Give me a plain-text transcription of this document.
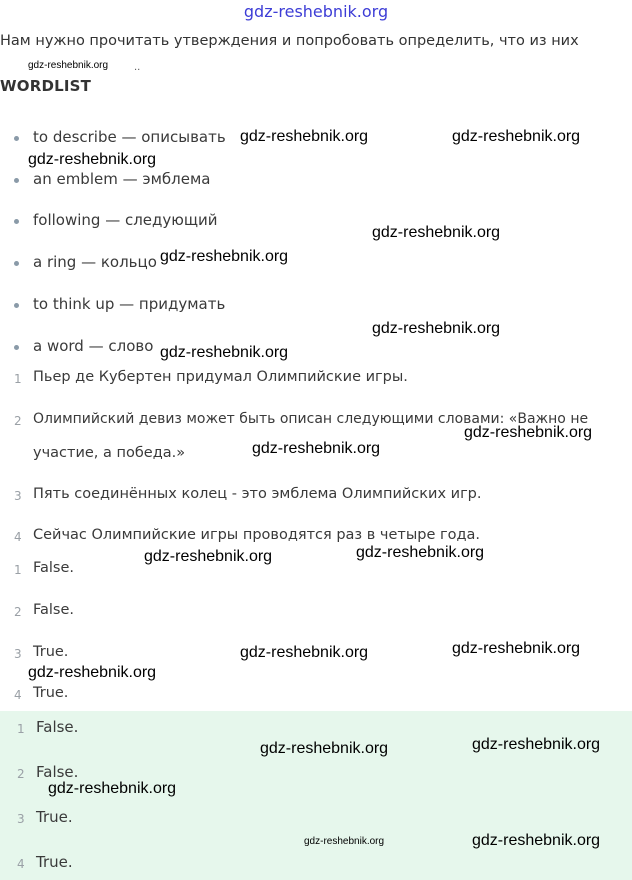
gdz-reshebnik.org
Нам нужно прочитать утверждения и попробовать определить, что из них
gdz-reshebnik.org	..
WORDLIST
to describe — описывать
an emblem — эмблема
following — следующий
a ring — кольцо
to think up — придумать
a word — слово
1 Пьер де Кубертен придумал Олимпийские игры.
2 Олимпийский девиз может быть описан следующими словами: «Важно не
участие, а победа.»
3 Пять соединённых колец - это эмблема Олимпийских игр.
4 Сейчас Олимпийские игры проводятся раз в четыре года.
1 False.
2 False.
3 True.
4 True.
1 False.
2 False.
3 True.
4 True.
gdz-reshebnik.org	gdz-reshebnik.org
gdz-reshebnik.org
gdz-reshebnik.org
gdz-reshebnik.org
gdz-reshebnik.org
gdz-reshebnik.org
gdz-reshebnik.org
gdz-reshebnik.org
gdz-reshebnik.org
gdz-reshebnik.org
gdz-reshebnik.org
gdz-reshebnik.org
gdz-reshebnik.org
gdz-reshebnik.org
gdz-reshebnik.org
gdz-reshebnik.org
gdz-reshebnik.org
gdz-reshebnik.org
